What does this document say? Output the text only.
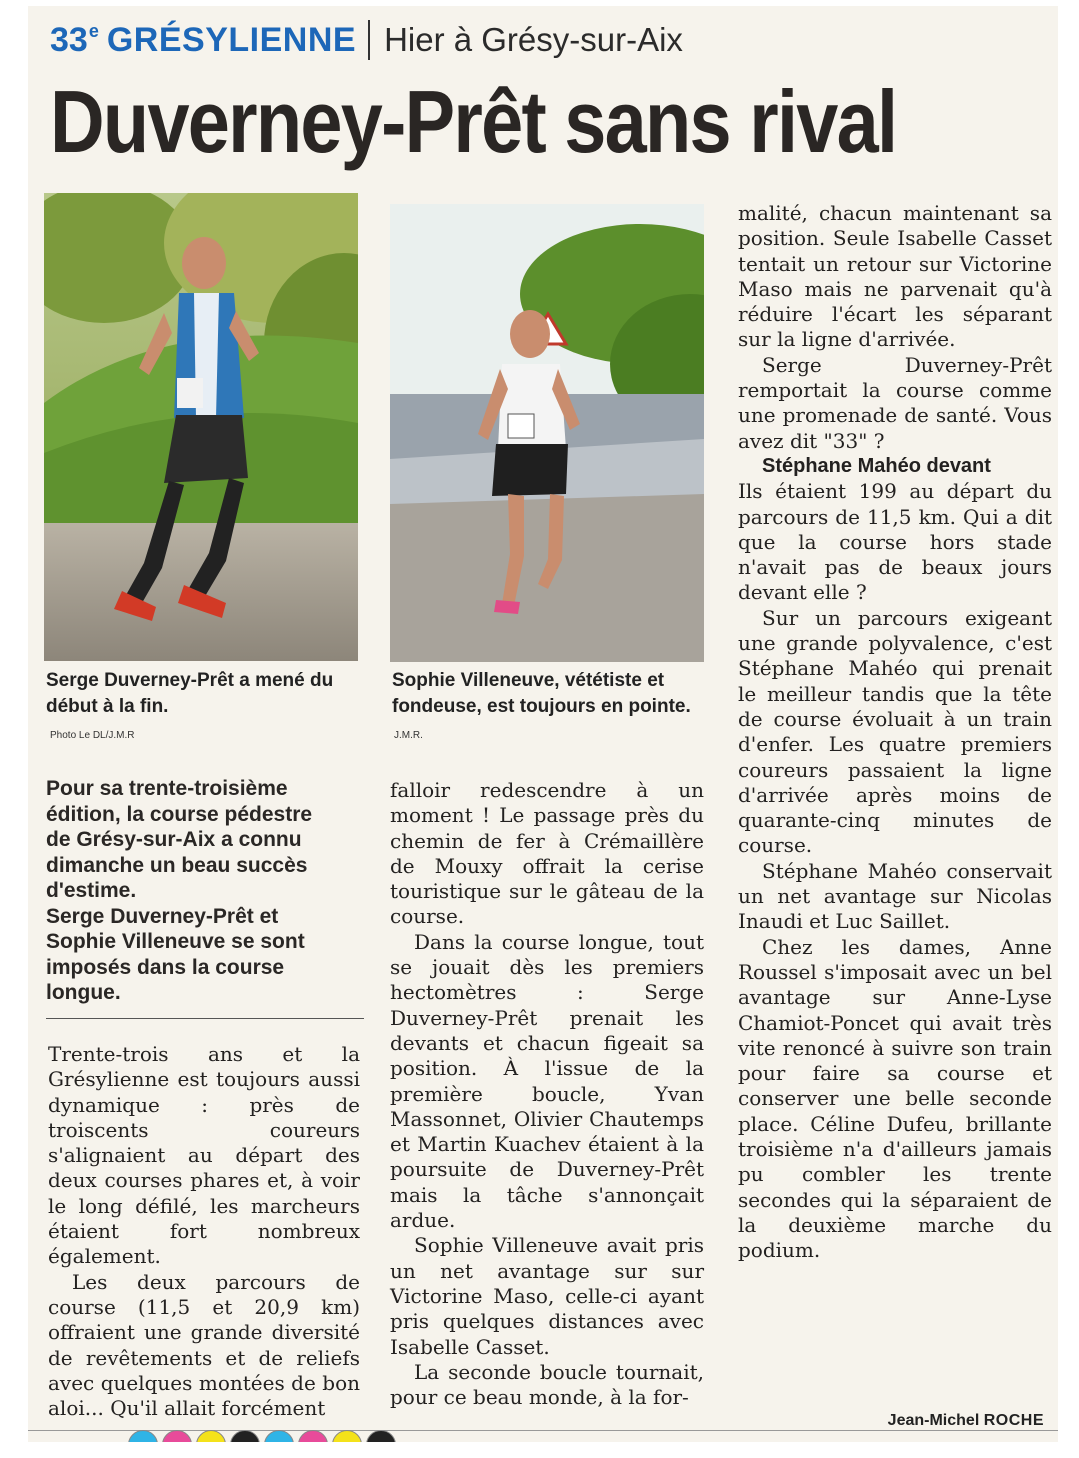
33e GRÉSYLIENNE Hier à Grésy-sur-Aix
Duverney-Prêt sans rival
Serge Duverney-Prêt a mené du
début à la fin.
Photo Le DL/J.M.R
Sophie Villeneuve, vététiste et
fondeuse, est toujours en pointe.
J.M.R.

Pour sa trente-troisième édition, la course pédestre de Grésy-sur-Aix a connu dimanche un beau succès d'estime.

Serge Duverney-Prêt et Sophie Villeneuve se sont imposés dans la course longue.

Trente-trois ans et la Grésylienne est toujours aussi dynamique : près de troiscents coureurs s'alignaient au départ des deux courses phares et, à voir le long défilé, les marcheurs étaient fort nombreux également.

Les deux parcours de course (11,5 et 20,9 km) offraient une grande diversité de revêtements et de reliefs avec quelques montées de bon aloi... Qu'il allait forcément

falloir redescendre à un moment ! Le passage près du chemin de fer à Crémaillère de Mouxy offrait la cerise touristique sur le gâteau de la course.

Dans la course longue, tout se jouait dès les premiers hectomètres : Serge Duverney-Prêt prenait les devants et chacun figeait sa position. À l'issue de la première boucle, Yvan Massonnet, Olivier Chautemps et Martin Kuachev étaient à la poursuite de Duverney-Prêt mais la tâche s'annonçait ardue.

Sophie Villeneuve avait pris un net avantage sur sur Victorine Maso, celle-ci ayant pris quelques distances avec Isabelle Casset.

La seconde boucle tournait, pour ce beau monde, à la for-

malité, chacun maintenant sa position. Seule Isabelle Casset tentait un retour sur Victorine Maso mais ne parvenait qu'à réduire l'écart les séparant sur la ligne d'arrivée.

Serge Duverney-Prêt remportait la course comme une promenade de santé. Vous avez dit "33" ?

Stéphane Mahéo devant

Ils étaient 199 au départ du parcours de 11,5 km. Qui a dit que la course hors stade n'avait pas de beaux jours devant elle ?

Sur un parcours exigeant une grande polyvalence, c'est Stéphane Mahéo qui prenait le meilleur tandis que la tête de course évoluait à un train d'enfer. Les quatre premiers coureurs passaient la ligne d'arrivée après moins de quarante-cinq minutes de course.

Stéphane Mahéo conservait un net avantage sur Nicolas Inaudi et Luc Saillet.

Chez les dames, Anne Roussel s'imposait avec un bel avantage sur Anne-Lyse Chamiot-Poncet qui avait très vite renoncé à suivre son train pour faire sa course et conserver une belle seconde place. Céline Dufeu, brillante troisième n'a d'ailleurs jamais pu combler les trente secondes qui la séparaient de la deuxième marche du podium.

Jean-Michel ROCHE
